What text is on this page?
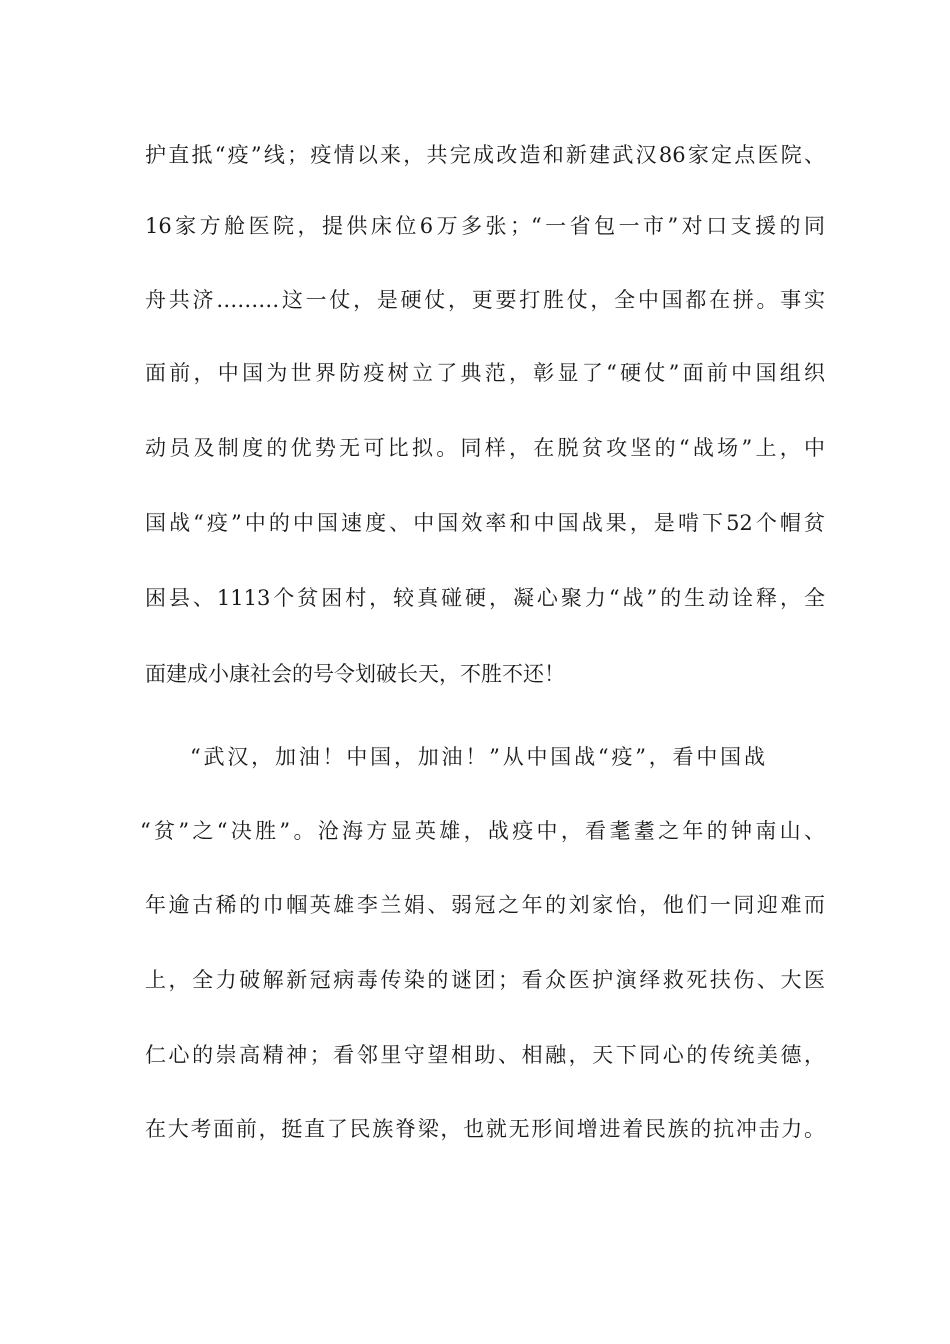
护直抵“疫”线；疫情以来，共完成改造和新建武汉86家定点医院、
16家方舱医院，提供床位6万多张；“一省包一市”对口支援的同
舟共济………这一仗，是硬仗，更要打胜仗，全中国都在拼。事实
面前，中国为世界防疫树立了典范，彰显了“硬仗”面前中国组织
动员及制度的优势无可比拟。同样，在脱贫攻坚的“战场”上，中
国战“疫”中的中国速度、中国效率和中国战果，是啃下52个帽贫
困县、1113个贫困村，较真碰硬，凝心聚力“战”的生动诠释，全
面建成小康社会的号令划破长天，不胜不还！
“武汉，加油！中国，加油！”从中国战“疫”，看中国战
“贫”之“决胜”。沧海方显英雄，战疫中，看耄耋之年的钟南山、
年逾古稀的巾帼英雄李兰娟、弱冠之年的刘家怡，他们一同迎难而
上，全力破解新冠病毒传染的谜团；看众医护演绎救死扶伤、大医
仁心的崇高精神；看邻里守望相助、相融，天下同心的传统美德，
在大考面前，挺直了民族脊梁，也就无形间增进着民族的抗冲击力。
